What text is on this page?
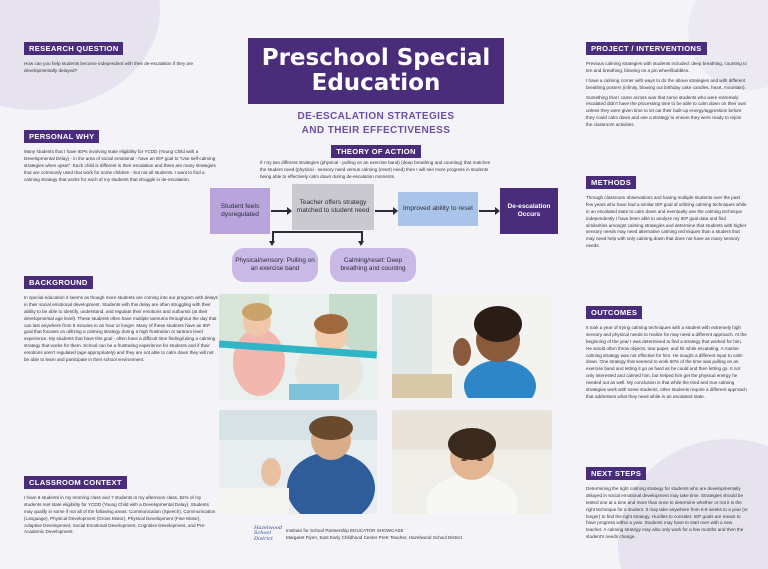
RESEARCH QUESTION
How can you help students become independent with their de-escalation if they are developmentally delayed?
PERSONAL WHY
Many students that I have IEPs involving state eligibility for YCDD (Young Child with a Developmental Delay) - in the area of social emotional - have an IEP goal to "Use self-calming strategies when upset". Each child is different in their escalation and there are many strategies that are commonly used that work for some children - but not all students. I want to find a calming strategy that works for each of my students that struggle in de-escalation.
BACKGROUND
In special education it seems as though more students are coming into our program with delays in their social emotional development. Students with this delay are often struggling with their ability to be able to identify, understand, and regulate their emotions and outbursts (at their developmental age level). These students often have multiple tantrums throughout the day that can last anywhere from 5 minutes to an hour or longer. Many of these students have an IEP goal that focuses on utilizing a calming strategy during a high frustration or tantrum level experience. My students that have this goal - often have a difficult time finding/using a calming strategy that works for them. School can be a frustrating experience for students and if their emotions aren't regulated (age appropriately) and they are not able to calm down they will not be able to learn and participate in their school environment.
CLASSROOM CONTEXT
I have 6 students in my morning class and 7 students in my afternoon class. 92% of my students met state eligibility for YCDD (Young Child with a Developmental Delay). Students may qualify in some if not all of the following areas: Communication (Speech), Communication (Language), Physical Development (Gross Motor), Physical Development (Fine Motor), Adaptive Development, Social Emotional Development, Cognitive Development, and Pre-Academic Development.
Preschool Special
Education
DE-ESCALATION STRATEGIES
AND THEIR EFFECTIVENESS
THEORY OF ACTION
If I try two different strategies (physical - pulling on an exercise band) (deep breathing and counting) that matches the student need (physical - sensory need versus calming (reset) need) then I will see more progress in students being able to effectively calm down during de-escalation moments.
Student feels dysregulated
Teacher offers strategy matched to student need	Improved ability to reset	De-escalation Occurs
Physical/sensory: Pulling on an exercise band
Calming/reset: Deep breathing and counting
Hazelwood
School
District
Institute for School Partnership EDUCATOR SHOWCASE
Margaret Flynn, East Early Childhood Center PreK Teacher, Hazelwood School District
PROJECT / INTERVENTIONS

Previous calming strategies with students included: deep breathing, counting to ten and breathing, blowing on a pin wheel/bubbles.

I have a calming corner with ways to do the above strategies and with different breathing posters (infinity, blowing out birthday cake candles, heart, mountain).

Something that I came across was that some students who were extremely escalated didn't have the processing time to be able to calm down on their own unless they were given time to let out their built-up energy/aggression before they could calm down and use a strategy to ensure they were ready to rejoin the classroom activities.

METHODS
Through classroom observations and having multiple students over the past few years who have had a similar IEP goal of utilizing calming techniques while in an escalated state to calm down and eventually use the calming technique independently I have been able to analyze my IEP goal data and find similarities amongst calming strategies and determine that students with higher sensory needs may need alternative calming techniques than a student that may need help with only calming down that does not have as many sensory needs.
OUTCOMES
It took a year of trying calming techniques with a student with extremely high sensory and physical needs to realize he may need a different approach. At the beginning of the year I was determined to find a strategy that worked for him. He would often throw objects, tear paper, and hit while escalating. A routine calming strategy was not effective for him. He sought a different input to calm down. One strategy that seemed to work 50% of the time was pulling on an exercise band and letting it go as hard as he could and then letting go. It not only interested and calmed him, but helped him get the physical energy he needed out as well. My conclusion is that while the tried and true calming strategies work with some students, other students require a different approach that addresses what they need while in an escalated state.
NEXT STEPS
Determining the right calming strategy for students who are developmentally delayed in social emotional development may take time. Strategies should be tested one at a time and more than once to determine whether or not it is the right technique for a student. It may take anywhere from 6-8 weeks to a year (or longer) to find the right strategy. Hurdles to consider: IEP goals are meant to have progress within a year. Students may have to start over with a new teacher. A calming strategy may also only work for a few months and then the student's needs change.
